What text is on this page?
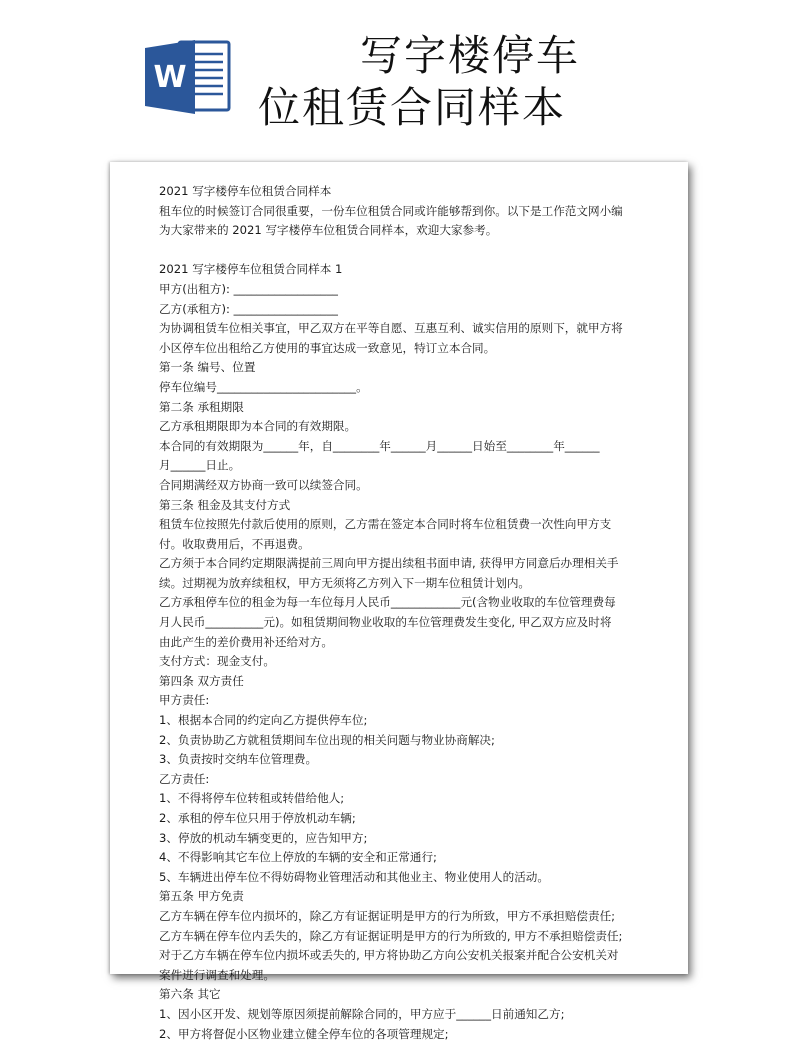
W	写字楼停车
位租赁合同样本
2021 写字楼停车位租赁合同样本
租车位的时候签订合同很重要，一份车位租赁合同或许能够帮到你。以下是工作范文网小编
为大家带来的 2021 写字楼停车位租赁合同样本，欢迎大家参考。
2021 写字楼停车位租赁合同样本 1
甲方(出租方): __________________
乙方(承租方): __________________
为协调租赁车位相关事宜，甲乙双方在平等自愿、互惠互利、诚实信用的原则下，就甲方将
小区停车位出租给乙方使用的事宜达成一致意见，特订立本合同。
第一条 编号、位置
停车位编号________________________。
第二条 承租期限
乙方承租期限即为本合同的有效期限。
本合同的有效期限为______年，自________年______月______日始至________年______
月______日止。
合同期满经双方协商一致可以续签合同。
第三条 租金及其支付方式
租赁车位按照先付款后使用的原则，乙方需在签定本合同时将车位租赁费一次性向甲方支
付。收取费用后，不再退费。
乙方须于本合同约定期限满提前三周向甲方提出续租书面申请, 获得甲方同意后办理相关手
续。过期视为放弃续租权，甲方无须将乙方列入下一期车位租赁计划内。
乙方承租停车位的租金为每一车位每月人民币____________元(含物业收取的车位管理费每
月人民币__________元)。如租赁期间物业收取的车位管理费发生变化, 甲乙双方应及时将
由此产生的差价费用补还给对方。
支付方式：现金支付。
第四条 双方责任
甲方责任:
1、根据本合同的约定向乙方提供停车位;
2、负责协助乙方就租赁期间车位出现的相关问题与物业协商解决;
3、负责按时交纳车位管理费。
乙方责任:
1、不得将停车位转租或转借给他人;
2、承租的停车位只用于停放机动车辆;
3、停放的机动车辆变更的，应告知甲方;
4、不得影响其它车位上停放的车辆的安全和正常通行;
5、车辆进出停车位不得妨碍物业管理活动和其他业主、物业使用人的活动。
第五条 甲方免责
乙方车辆在停车位内损坏的，除乙方有证据证明是甲方的行为所致，甲方不承担赔偿责任;
乙方车辆在停车位内丢失的，除乙方有证据证明是甲方的行为所致的, 甲方不承担赔偿责任;
对于乙方车辆在停车位内损坏或丢失的, 甲方将协助乙方向公安机关报案并配合公安机关对
案件进行调查和处理。
第六条 其它
1、因小区开发、规划等原因须提前解除合同的，甲方应于______日前通知乙方;
2、甲方将督促小区物业建立健全停车位的各项管理规定;
